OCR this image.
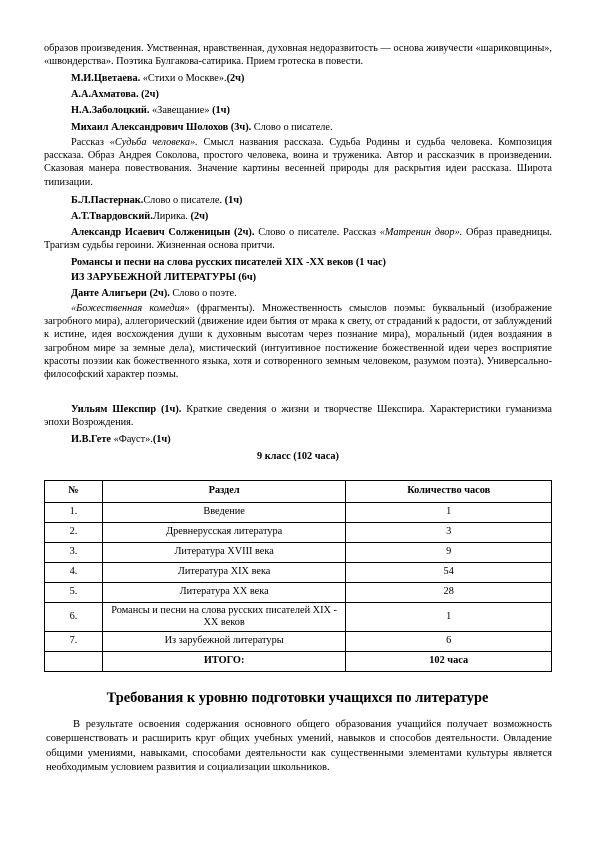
образов произведения. Умственная, нравственная, духовная недоразвитость — основа живучести «шариковщины», «швондерства». Поэтика Булгакова-сатирика. Прием гротеска в повести.

М.И.Цветаева. «Стихи о Москве».(2ч)

А.А.Ахматова. (2ч)

Н.А.Заболоцкий. «Завещание» (1ч)

Михаил Александрович Шолохов (3ч). Слово о писателе.

Рассказ «Судьба человека». Смысл названия рассказа. Судьба Родины и судьба человека. Композиция рассказа. Образ Андрея Соколова, простого человека, воина и труженика. Автор и рассказчик в произведении. Сказовая манера повествования. Значение картины весенней природы для раскрытия идеи рассказа. Широта типизации.

Б.Л.Пастернак.Слово о писателе. (1ч)

А.Т.Твардовский.Лирика. (2ч)

Александр Исаевич Солженицын (2ч). Слово о писателе. Рассказ «Матренин двор». Образ праведницы. Трагизм судьбы героини. Жизненная основа притчи.

Романсы и песни на слова русских писателей XIX -XX веков (1 час)

ИЗ ЗАРУБЕЖНОЙ ЛИТЕРАТУРЫ (6ч)

Данте Алигьери (2ч). Слово о поэте.

«Божественная комедия» (фрагменты). Множественность смыслов поэмы: буквальный (изображение загробного мира), аллегорический (движение идеи бытия от мрака к свету, от страданий к радости, от заблуждений к истине, идея восхождения души к духовным высотам через познание мира), моральный (идея воздаяния в загробном мире за земные дела), мистический (интуитивное постижение божественной идеи через восприятие красоты поэзии как божественного языка, хотя и сотворенного земным человеком, разумом поэта). Универсально-философский характер поэмы.

Уильям Шекспир (1ч). Краткие сведения о жизни и творчестве Шекспира. Характеристики гуманизма эпохи Возрождения.

И.В.Гете «Фауст».(1ч)

9 класс (102 часа)

№	Раздел	Количество часов
1.	Введение	1
2.	Древнерусская литература	3
3.	Литература XVIII века	9
4.	Литература XIX века	54
5.	Литература XX века	28
6.	Романсы и песни на слова русских писателей XIX -XX веков	1
7.	Из зарубежной литературы	6
	ИТОГО:	102 часа

Требования к уровню подготовки учащихся по литературе

В результате освоения содержания основного общего образования учащийся получает возможность совершенствовать и расширить круг общих учебных умений, навыков и способов деятельности. Овладение общими умениями, навыками, способами деятельности как существенными элементами культуры является необходимым условием развития и социализации школьников.
